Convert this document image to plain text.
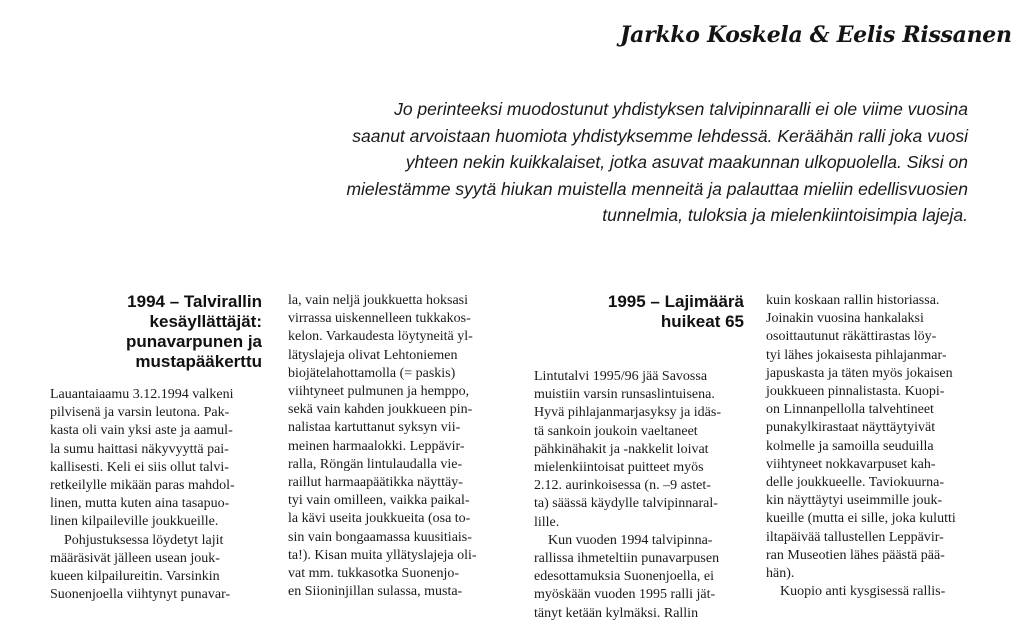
Jarkko Koskela & Eelis Rissanen
Jo perinteeksi muodostunut yhdistyksen talvipinnaralli ei ole viime vuosina
saanut arvoistaan huomiota yhdistyksemme lehdessä. Keräähän ralli joka vuosi
yhteen nekin kuikkalaiset, jotka asuvat maakunnan ulkopuolella. Siksi on
mielestämme syytä hiukan muistella menneitä ja palauttaa mieliin edellisvuosien
tunnelmia, tuloksia ja mielenkiintoisimpia lajeja.
1994 – Talvirallin
kesäyllättäjät:
punavarpunen ja
mustapääkerttu
Lauantaiaamu 3.12.1994 valkeni
pilvisenä ja varsin leutona. Pak-
kasta oli vain yksi aste ja aamul-
la sumu haittasi näkyvyyttä pai-
kallisesti. Keli ei siis ollut talvi-
retkeilylle mikään paras mahdol-
linen, mutta kuten aina tasapuo-
linen kilpaileville joukkueille.
Pohjustuksessa löydetyt lajit
määräsivät jälleen usean jouk-
kueen kilpailureitin. Varsinkin
Suonenjoella viihtynyt punavar-
la, vain neljä joukkuetta hoksasi
virrassa uiskennelleen tukkakos-
kelon. Varkaudesta löytyneitä yl-
lätyslajeja olivat Lehtoniemen
biojätelahottamolla (= paskis)
viihtyneet pulmunen ja hemppo,
sekä vain kahden joukkueen pin-
nalistaa kartuttanut syksyn vii-
meinen harmaalokki. Leppävir-
ralla, Röngän lintulaudalla vie-
raillut harmaapäätikka näyttäy-
tyi vain omilleen, vaikka paikal-
la kävi useita joukkueita (osa to-
sin vain bongaamassa kuusitiais-
ta!). Kisan muita yllätyslajeja oli-
vat mm. tukkasotka Suonenjo-
en Siioninjillan sulassa, musta-
1995 – Lajimäärä
huikeat 65
Lintutalvi 1995/96 jää Savossa
muistiin varsin runsaslintuisena.
Hyvä pihlajanmarjasyksy ja idäs-
tä sankoin joukoin vaeltaneet
pähkinähakit ja -nakkelit loivat
mielenkiintoisat puitteet myös
2.12. aurinkoisessa (n. –9 astet-
ta) säässä käydylle talvipinnaral-
lille.
Kun vuoden 1994 talvipinna-
rallissa ihmeteltiin punavarpusen
edesottamuksia Suonenjoella, ei
myöskään vuoden 1995 ralli jät-
tänyt ketään kylmäksi. Rallin
kuin koskaan rallin historiassa.
Joinakin vuosina hankalaksi
osoittautunut räkättirastas löy-
tyi lähes jokaisesta pihlajanmar-
japuskasta ja täten myös jokaisen
joukkueen pinnalistasta. Kuopi-
on Linnanpellolla talvehtineet
punakylkirastaat näyttäytyivät
kolmelle ja samoilla seuduilla
viihtyneet nokkavarpuset kah-
delle joukkueelle. Taviokuurna-
kin näyttäytyi useimmille jouk-
kueille (mutta ei sille, joka kulutti
iltapäivää tallustellen Leppävir-
ran Museotien lähes päästä pää-
hän).
Kuopio anti kysgisessä rallis-
